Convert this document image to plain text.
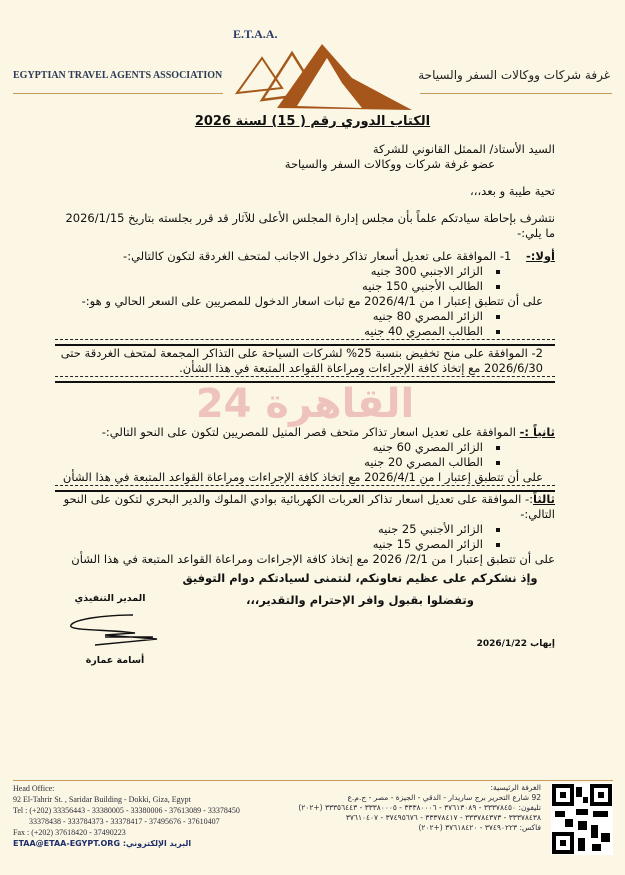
E.T.A.A.
EGYPTIAN TRAVEL AGENTS ASSOCIATION	غرفة شركات ووكالات السفر والسياحة
الكتاب الدوري رقم ( 15) لسنة 2026
السيد الأستاذ/ الممثل القانوني للشركة
عضو غرفة شركات ووكالات السفر والسياحة
تحية طيبة و بعد،،،
نتشرف بإحاطة سيادتكم علماً بأن مجلس إدارة المجلس الأعلى للآثار قد قرر بجلسته بتاريخ 2026/1/15 ما يلي:-
أولا:-    1- الموافقة على تعديل أسعار تذاكر دخول الاجانب لمتحف الغردقة لتكون كالتالي:-
الزائر الاجنبي 300 جنيه
الطالب الأجنبي 150 جنيه
على أن تتطبق إعتبار ا من 2026/4/1 مع ثبات اسعار الدخول للمصريين على السعر الحالي و هو:-
الزائر المصري 80 جنيه
الطالب المصري 40 جنيه
2- الموافقة على منح تخفيض بنسبة 25% لشركات السياحة على التذاكر المجمعة لمتحف الغردقة حتى 2026/6/30 مع إتخاذ كافة الإجراءات ومراعاة القواعد المتبعة في هذا الشأن.
القاهرة 24
ثانياً :- الموافقة على تعديل اسعار تذاكر متحف قصر المنيل للمصريين لتكون على النحو التالي:-
الزائر المصري 60 جنيه
الطالب المصري 20 جنيه
على أن تتطبق إعتبار ا من 2026/4/1 مع إتخاذ كافة الإجراءات ومراعاة القواعد المتبعة في هذا الشأن
ثالثاً:- الموافقة على تعديل اسعار تذاكر العربات الكهربائية بوادي الملوك والدير البحري لتكون على النحو التالي:-
الزائر الأجنبي 25 جنيه
الزائر المصري 15 جنيه
على أن تتطبق إعتبار ا من 2/1/ 2026 مع إتخاذ كافة الإجراءات ومراعاة القواعد المتبعة في هذا الشأن
المدير التنفيذي
وإذ نشكركم على عظيم تعاونكم، لنتمنى لسيادتكم دوام التوفيق
وتفضلوا بقبول وافر الإحترام والتقدير،،،
أسامة عمارة
إيهاب 2026/1/22
Head Office:
92 El-Tahrir St. , Saridar Building - Dokki, Giza, Egypt
Tel : (+202) 33356443 - 33380005 - 33380006 - 37613089 - 33378450
33378438 - 333784373 - 33378417 - 37495676 - 37610407
Fax : (+202) 37618420 - 37490223
البريد الإلكتروني: ETAA@ETAA-EGYPT.ORG
الغرفة الرئيسية:
92 شارع التحرير برج ساريدار - الدقي - الجيزة - مصر - ج.م.ع
تليفون: ٣٣٣٧٨٤٥٠ - ٣٧٦١٣٠٨٩ - ٣٣٣٨٠٠٠٦ - ٣٣٣٨٠٠٠٥ - ٣٣٣٥٦٤٤٣ (+٢٠٢)
٣٣٣٧٨٤٣٨ - ٣٣٣٧٨٤٣٧٣ - ٣٣٣٧٨٤١٧ - ٣٧٤٩٥٦٧٦ - ٣٧٦١٠٤٠٧
فاكس: ٣٧٤٩٠٢٢٣ - ٣٧٦١٨٤٢٠ (+٢٠٢)
